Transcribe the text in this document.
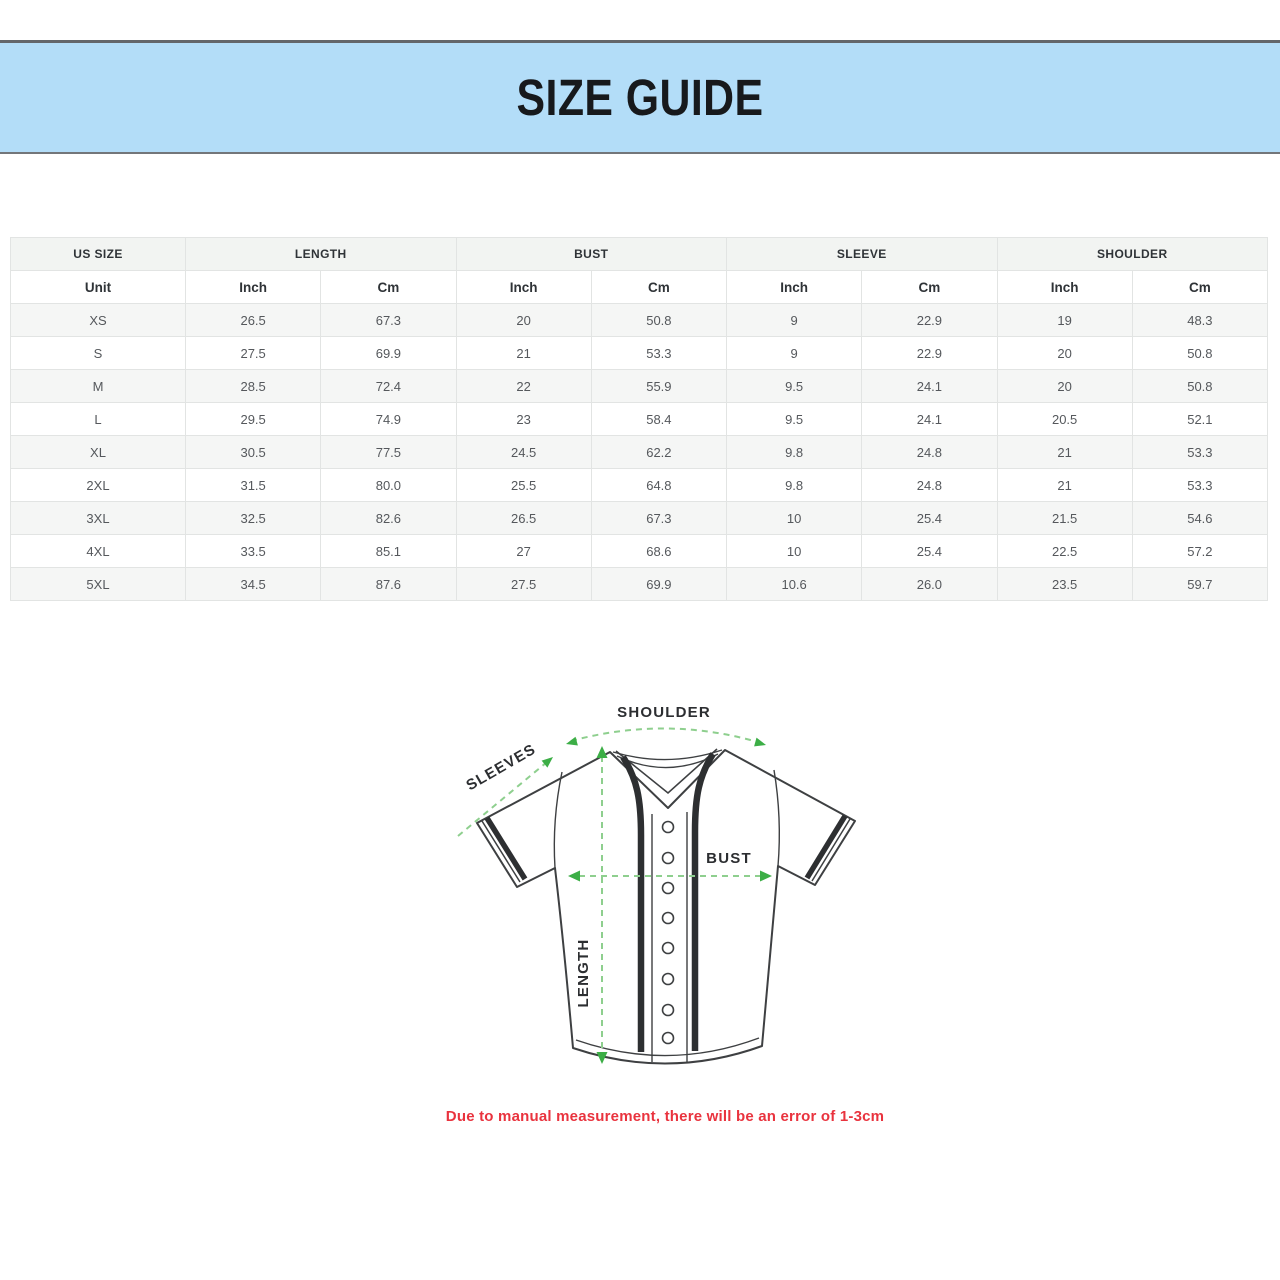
SIZE GUIDE
US SIZE	LENGTH		BUST		SLEEVE		SHOULDER	
Unit	Inch	Cm	Inch	Cm	Inch	Cm	Inch	Cm
XS	26.5	67.3	20	50.8	9	22.9	19	48.3
S	27.5	69.9	21	53.3	9	22.9	20	50.8
M	28.5	72.4	22	55.9	9.5	24.1	20	50.8
L	29.5	74.9	23	58.4	9.5	24.1	20.5	52.1
XL	30.5	77.5	24.5	62.2	9.8	24.8	21	53.3
2XL	31.5	80.0	25.5	64.8	9.8	24.8	21	53.3
3XL	32.5	82.6	26.5	67.3	10	25.4	21.5	54.6
4XL	33.5	85.1	27	68.6	10	25.4	22.5	57.2
5XL	34.5	87.6	27.5	69.9	10.6	26.0	23.5	59.7
SHOULDER
SLEEVES
BUST
LENGTH
Due to manual measurement, there will be an error of 1-3cm
